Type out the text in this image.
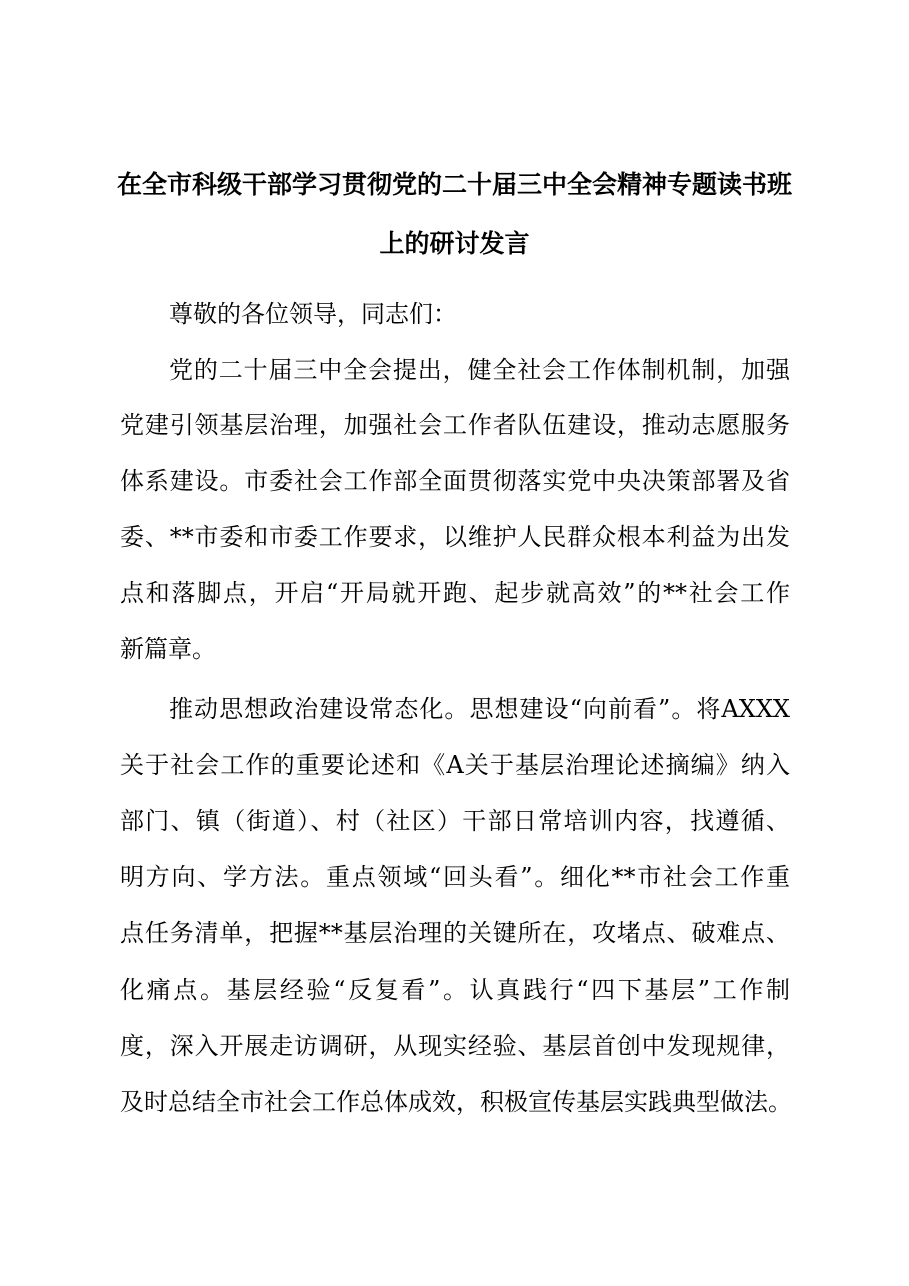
在全市科级干部学习贯彻党的二十届三中全会精神专题读书班
上的研讨发言
尊敬的各位领导，同志们：
党的二十届三中全会提出，健全社会工作体制机制，加强
党建引领基层治理，加强社会工作者队伍建设，推动志愿服务
体系建设。市委社会工作部全面贯彻落实党中央决策部署及省
委、**市委和市委工作要求，以维护人民群众根本利益为出发
点和落脚点，开启“开局就开跑、起步就高效”的**社会工作
新篇章。
推动思想政治建设常态化。思想建设“向前看”。将AXXX
关于社会工作的重要论述和《A关于基层治理论述摘编》纳入
部门、镇（街道）、村（社区）干部日常培训内容，找遵循、
明方向、学方法。重点领域“回头看”。细化**市社会工作重
点任务清单，把握**基层治理的关键所在，攻堵点、破难点、
化痛点。基层经验“反复看”。认真践行“四下基层”工作制
度，深入开展走访调研，从现实经验、基层首创中发现规律，
及时总结全市社会工作总体成效，积极宣传基层实践典型做法。
